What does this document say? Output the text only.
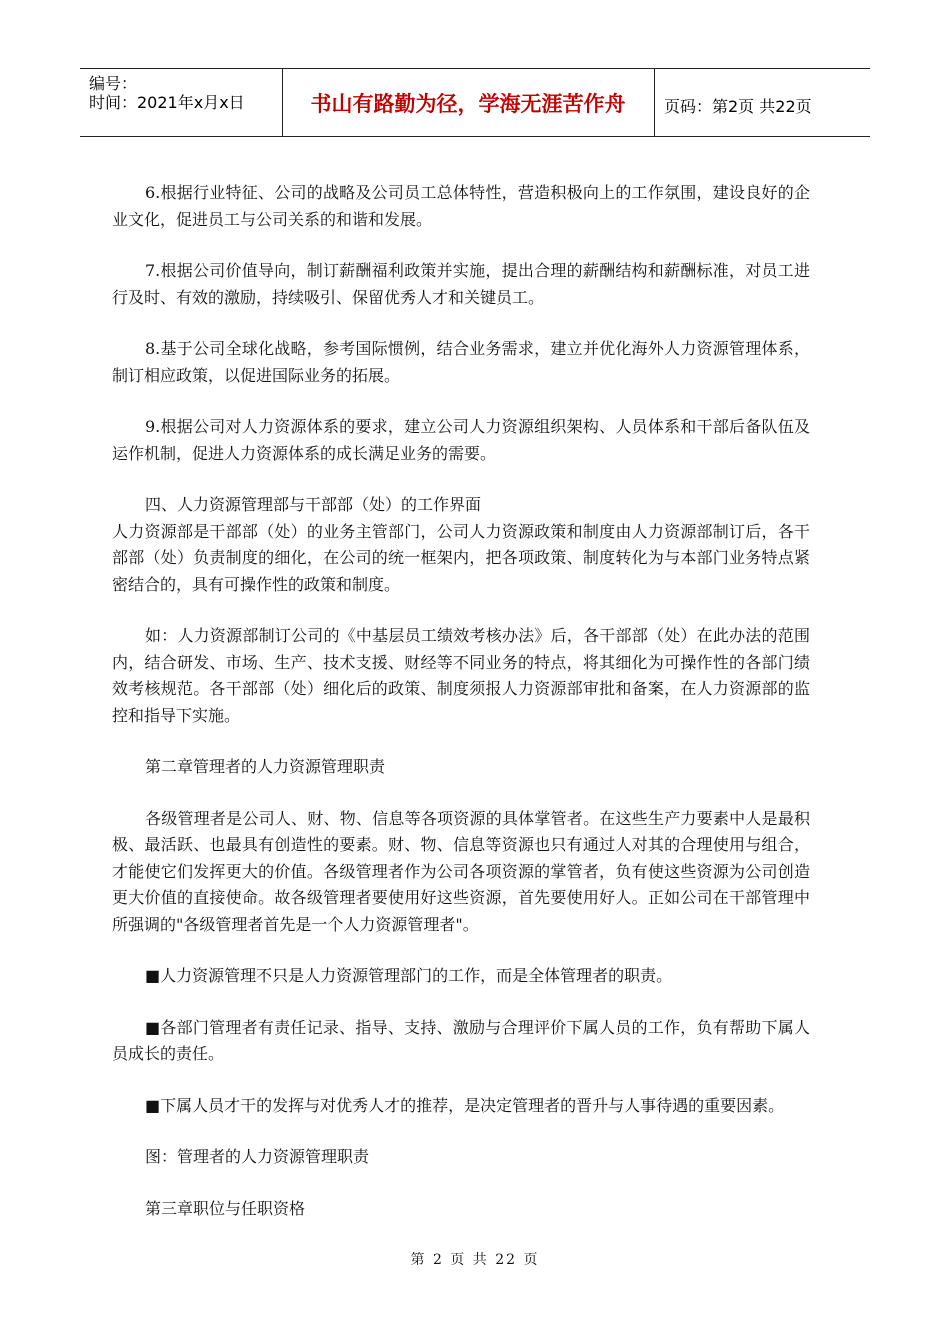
编号：
时间：2021年x月x日	书山有路勤为径，学海无涯苦作舟	页码：第2页 共22页

6.根据行业特征、公司的战略及公司员工总体特性，营造积极向上的工作氛围，建设良好的企业文化，促进员工与公司关系的和谐和发展。

7.根据公司价值导向，制订薪酬福利政策并实施，提出合理的薪酬结构和薪酬标准，对员工进行及时、有效的激励，持续吸引、保留优秀人才和关键员工。

8.基于公司全球化战略，参考国际惯例，结合业务需求，建立并优化海外人力资源管理体系，制订相应政策，以促进国际业务的拓展。

9.根据公司对人力资源体系的要求，建立公司人力资源组织架构、人员体系和干部后备队伍及运作机制，促进人力资源体系的成长满足业务的需要。

四、人力资源管理部与干部部（处）的工作界面

人力资源部是干部部（处）的业务主管部门，公司人力资源政策和制度由人力资源部制订后，各干部部（处）负责制度的细化，在公司的统一框架内，把各项政策、制度转化为与本部门业务特点紧密结合的，具有可操作性的政策和制度。

如：人力资源部制订公司的《中基层员工绩效考核办法》后，各干部部（处）在此办法的范围内，结合研发、市场、生产、技术支援、财经等不同业务的特点，将其细化为可操作性的各部门绩效考核规范。各干部部（处）细化后的政策、制度须报人力资源部审批和备案，在人力资源部的监控和指导下实施。

第二章管理者的人力资源管理职责

各级管理者是公司人、财、物、信息等各项资源的具体掌管者。在这些生产力要素中人是最积极、最活跃、也最具有创造性的要素。财、物、信息等资源也只有通过人对其的合理使用与组合，才能使它们发挥更大的价值。各级管理者作为公司各项资源的掌管者，负有使这些资源为公司创造更大价值的直接使命。故各级管理者要使用好这些资源，首先要使用好人。正如公司在干部管理中所强调的"各级管理者首先是一个人力资源管理者"。

■人力资源管理不只是人力资源管理部门的工作，而是全体管理者的职责。

■各部门管理者有责任记录、指导、支持、激励与合理评价下属人员的工作，负有帮助下属人员成长的责任。

■下属人员才干的发挥与对优秀人才的推荐，是决定管理者的晋升与人事待遇的重要因素。

图：管理者的人力资源管理职责

第三章职位与任职资格

第 2 页 共 22 页
